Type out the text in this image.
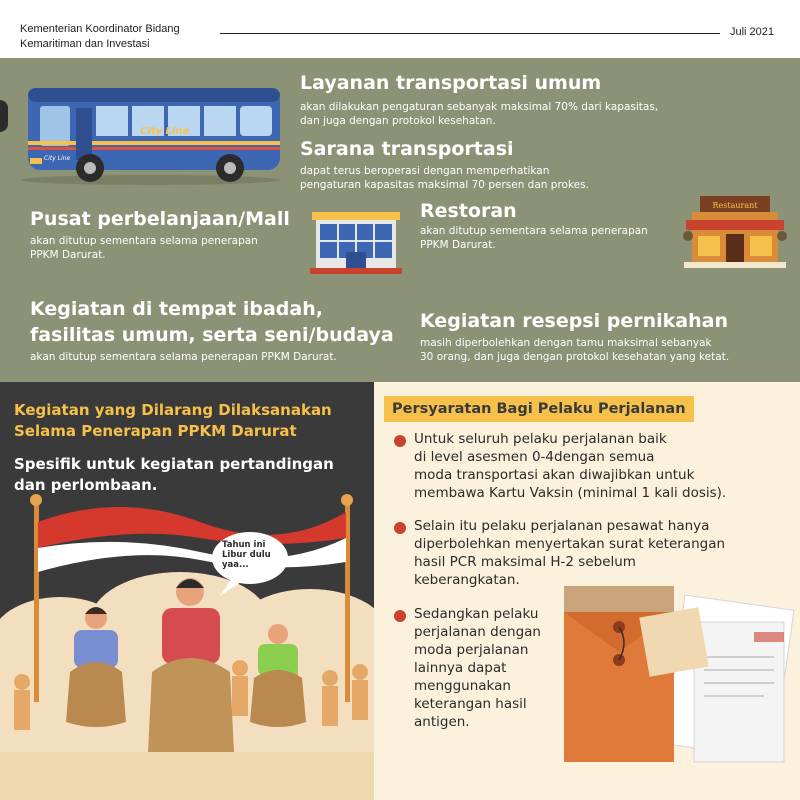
Kementerian Koordinator Bidang
Kemaritiman dan Investasi
Juli 2021
City Line
City Line
Layanan transportasi umum
akan dilakukan pengaturan sebanyak maksimal 70% dari kapasitas,
dan juga dengan protokol kesehatan.
Sarana transportasi
dapat terus beroperasi dengan memperhatikan
pengaturan kapasitas maksimal 70 persen dan prokes.
Pusat perbelanjaan/Mall
akan ditutup sementara selama penerapan
PPKM Darurat.
Restoran
akan ditutup sementara selama penerapan
PPKM Darurat.
Restaurant
Kegiatan di tempat ibadah,
fasilitas umum, serta seni/budaya
akan ditutup sementara selama penerapan PPKM Darurat.
Kegiatan resepsi pernikahan
masih diperbolehkan dengan tamu maksimal sebanyak
30 orang, dan juga dengan protokol kesehatan yang ketat.
Kegiatan yang Dilarang Dilaksanakan
Selama Penerapan PPKM Darurat
Spesifik untuk kegiatan pertandingan
dan perlombaan.
Tahun ini
Libur dulu
yaa...
Untuk seluruh pelaku perjalanan baik
di level asesmen 0-4dengan semua
moda transportasi akan diwajibkan untuk
membawa Kartu Vaksin (minimal 1 kali dosis).
Selain itu pelaku perjalanan pesawat hanya
diperbolehkan menyertakan surat keterangan
hasil PCR maksimal H-2 sebelum
keberangkatan.
Sedangkan pelaku
perjalanan dengan
moda perjalanan
lainnya dapat
menggunakan
keterangan hasil
antigen.
Persyaratan Bagi Pelaku Perjalanan
